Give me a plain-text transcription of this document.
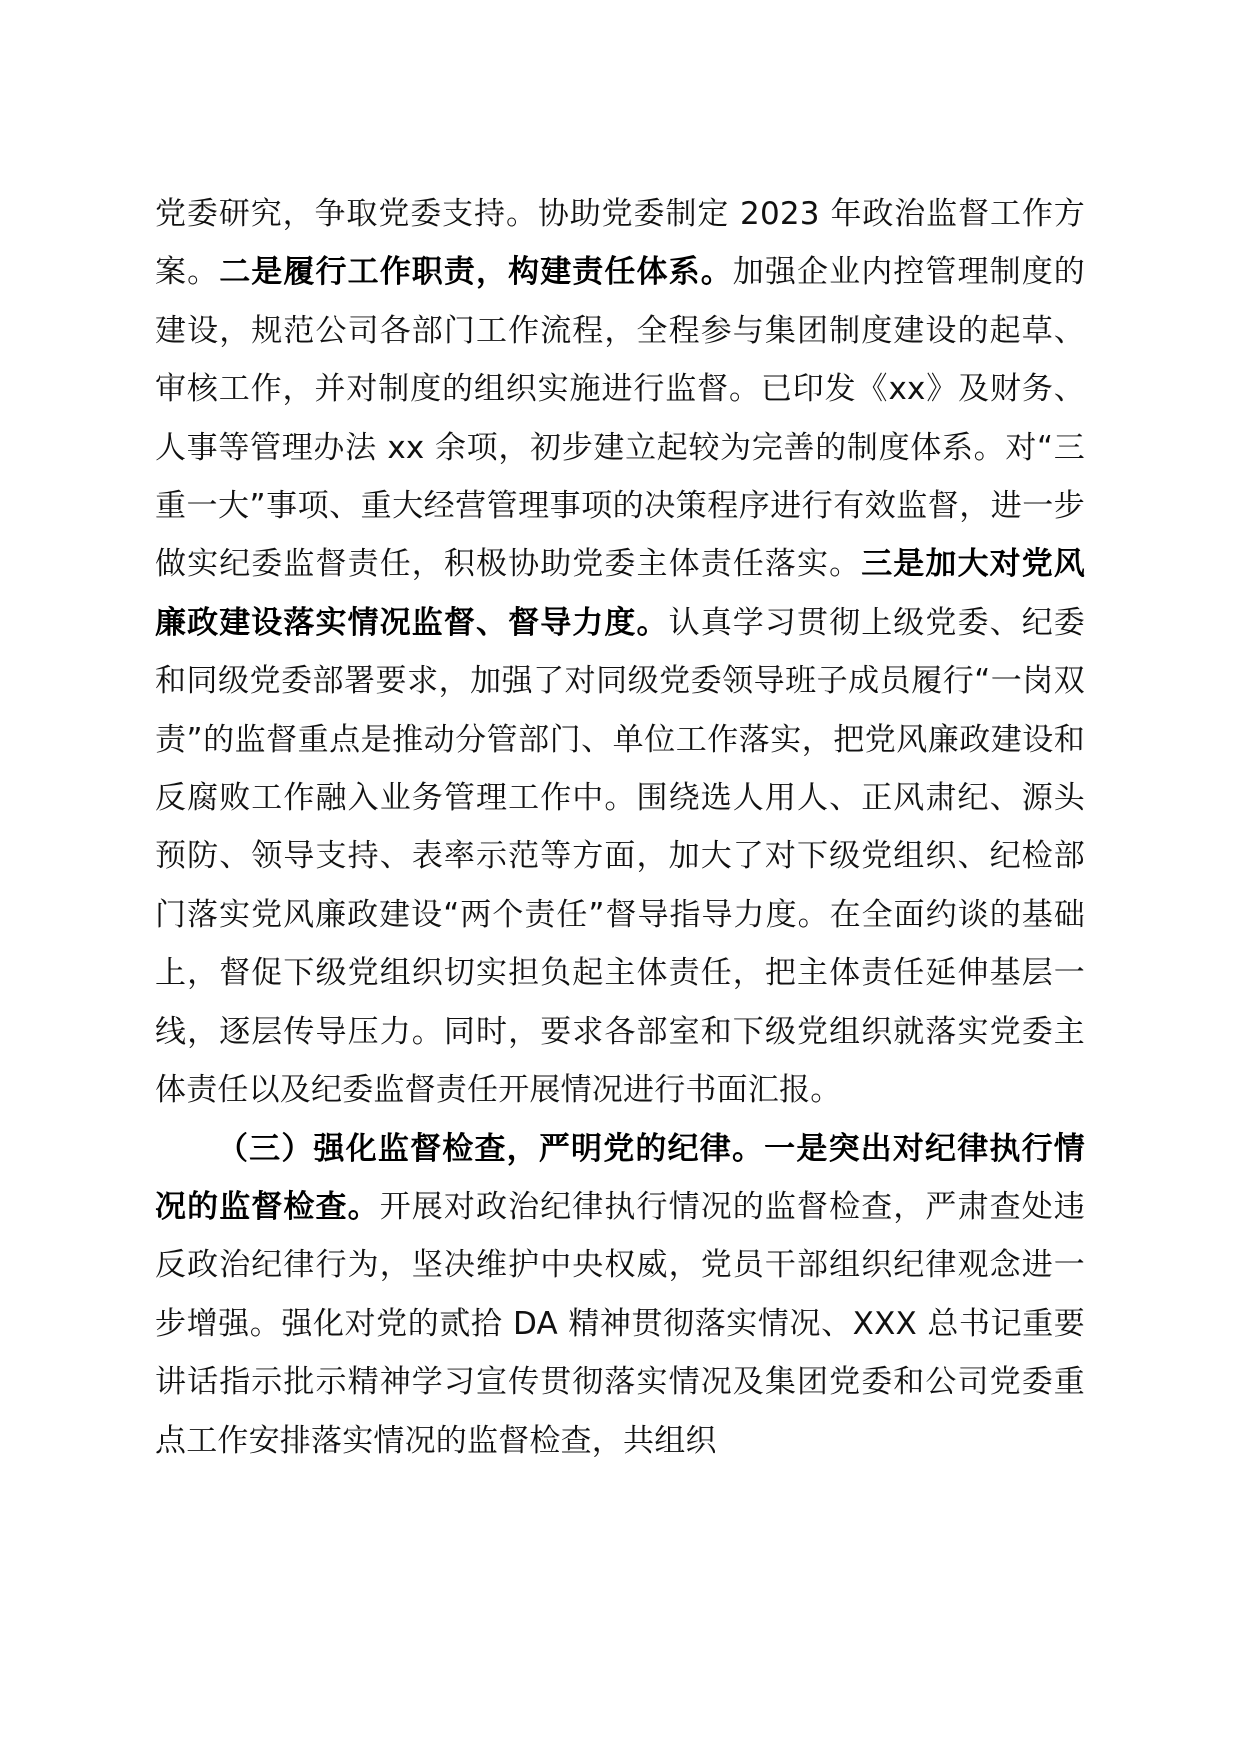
党委研究，争取党委支持。协助党委制定 2023 年政治监督工作方案。二是履行工作职责，构建责任体系。加强企业内控管理制度的建设，规范公司各部门工作流程，全程参与集团制度建设的起草、审核工作，并对制度的组织实施进行监督。已印发《xx》及财务、人事等管理办法 xx 余项，初步建立起较为完善的制度体系。对“三重一大”事项、重大经营管理事项的决策程序进行有效监督，进一步做实纪委监督责任，积极协助党委主体责任落实。三是加大对党风廉政建设落实情况监督、督导力度。认真学习贯彻上级党委、纪委和同级党委部署要求，加强了对同级党委领导班子成员履行“一岗双责”的监督重点是推动分管部门、单位工作落实，把党风廉政建设和反腐败工作融入业务管理工作中。围绕选人用人、正风肃纪、源头预防、领导支持、表率示范等方面，加大了对下级党组织、纪检部门落实党风廉政建设“两个责任”督导指导力度。在全面约谈的基础上，督促下级党组织切实担负起主体责任，把主体责任延伸基层一线，逐层传导压力。同时，要求各部室和下级党组织就落实党委主体责任以及纪委监督责任开展情况进行书面汇报。

（三）强化监督检查，严明党的纪律。一是突出对纪律执行情况的监督检查。开展对政治纪律执行情况的监督检查，严肃查处违反政治纪律行为，坚决维护中央权威，党员干部组织纪律观念进一步增强。强化对党的贰拾 DA 精神贯彻落实情况、XXX 总书记重要讲话指示批示精神学习宣传贯彻落实情况及集团党委和公司党委重点工作安排落实情况的监督检查，共组织
